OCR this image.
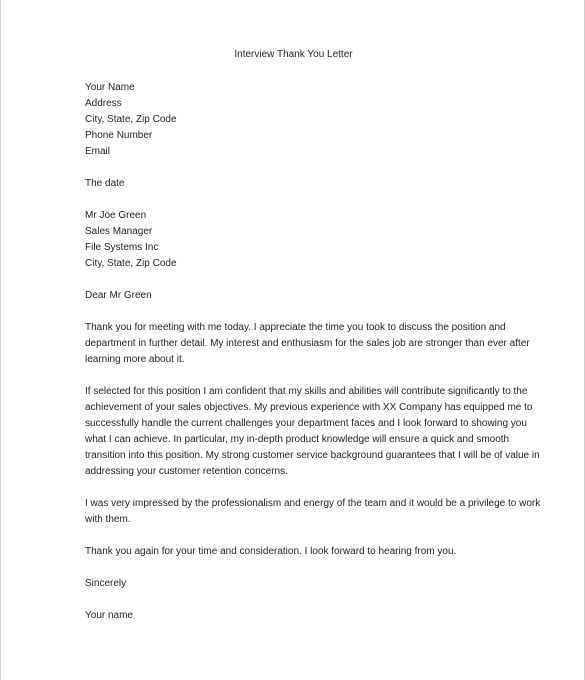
Interview Thank You Letter
Your Name
Address
City, State, Zip Code
Phone Number
Email
The date
Mr Joe Green
Sales Manager
File Systems Inc
City, State, Zip Code
Dear Mr Green
Thank you for meeting with me today. I appreciate the time you took to discuss the position and
department in further detail. My interest and enthusiasm for the sales job are stronger than ever after
learning more about it.
If selected for this position I am confident that my skills and abilities will contribute significantly to the
achievement of your sales objectives. My previous experience with XX Company has equipped me to
successfully handle the current challenges your department faces and I look forward to showing you
what I can achieve. In particular, my in-depth product knowledge will ensure a quick and smooth
transition into this position. My strong customer service background guarantees that I will be of value in
addressing your customer retention concerns.
I was very impressed by the professionalism and energy of the team and it would be a privilege to work
with them.
Thank you again for your time and consideration. I look forward to hearing from you.
Sincerely
Your name
